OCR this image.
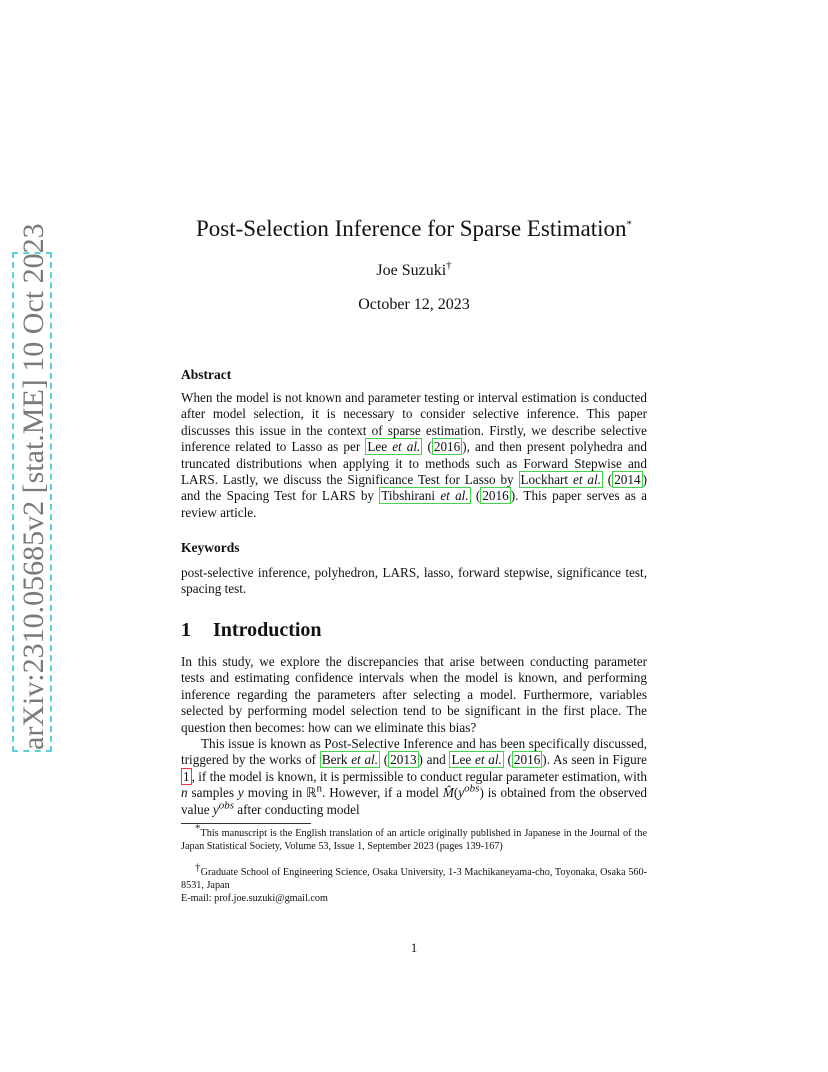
arXiv:2310.05685v2 [stat.ME] 10 Oct 2023	Post-Selection Inference for Sparse Estimation*
Joe Suzuki†
October 12, 2023
Abstract
When the model is not known and parameter testing or interval estimation is conducted after model selection, it is necessary to consider selective inference. This paper discusses this issue in the context of sparse estimation. Firstly, we describe selective inference related to Lasso as per Lee et al. ( 2016 ), and then present polyhedra and truncated distributions when applying it to methods such as Forward Stepwise and LARS. Lastly, we discuss the Significance Test for Lasso by Lockhart et al. ( 2014 ) and the Spacing Test for LARS by Tibshirani et al. ( 2016 ). This paper serves as a review article.
Keywords
post-selective inference, polyhedron, LARS, lasso, forward stepwise, significance test, spacing test.
1 Introduction

In this study, we explore the discrepancies that arise between conducting parameter tests and estimating confidence intervals when the model is known, and performing inference regarding the parameters after selecting a model. Furthermore, variables selected by performing model selection tend to be significant in the first place. The question then becomes: how can we eliminate this bias?

This issue is known as Post-Selective Inference and has been specifically discussed, triggered by the works of Berk et al. ( 2013 ) and Lee et al. ( 2016 ). As seen in Figure 1 , if the model is known, it is permissible to conduct regular parameter estimation, with n samples y moving in ℝ$^n$. However, if a model $M̂(y^{obs})$ is obtained from the observed value $y^{obs}$ after conducting model

*This manuscript is the English translation of an article originally published in Japanese in the Journal of the Japan Statistical Society, Volume 53, Issue 1, September 2023 (pages 139-167)
†Graduate School of Engineering Science, Osaka University, 1-3 Machikaneyama-cho, Toyonaka, Osaka 560-8531, Japan
E-mail: prof.joe.suzuki@gmail.com
1
